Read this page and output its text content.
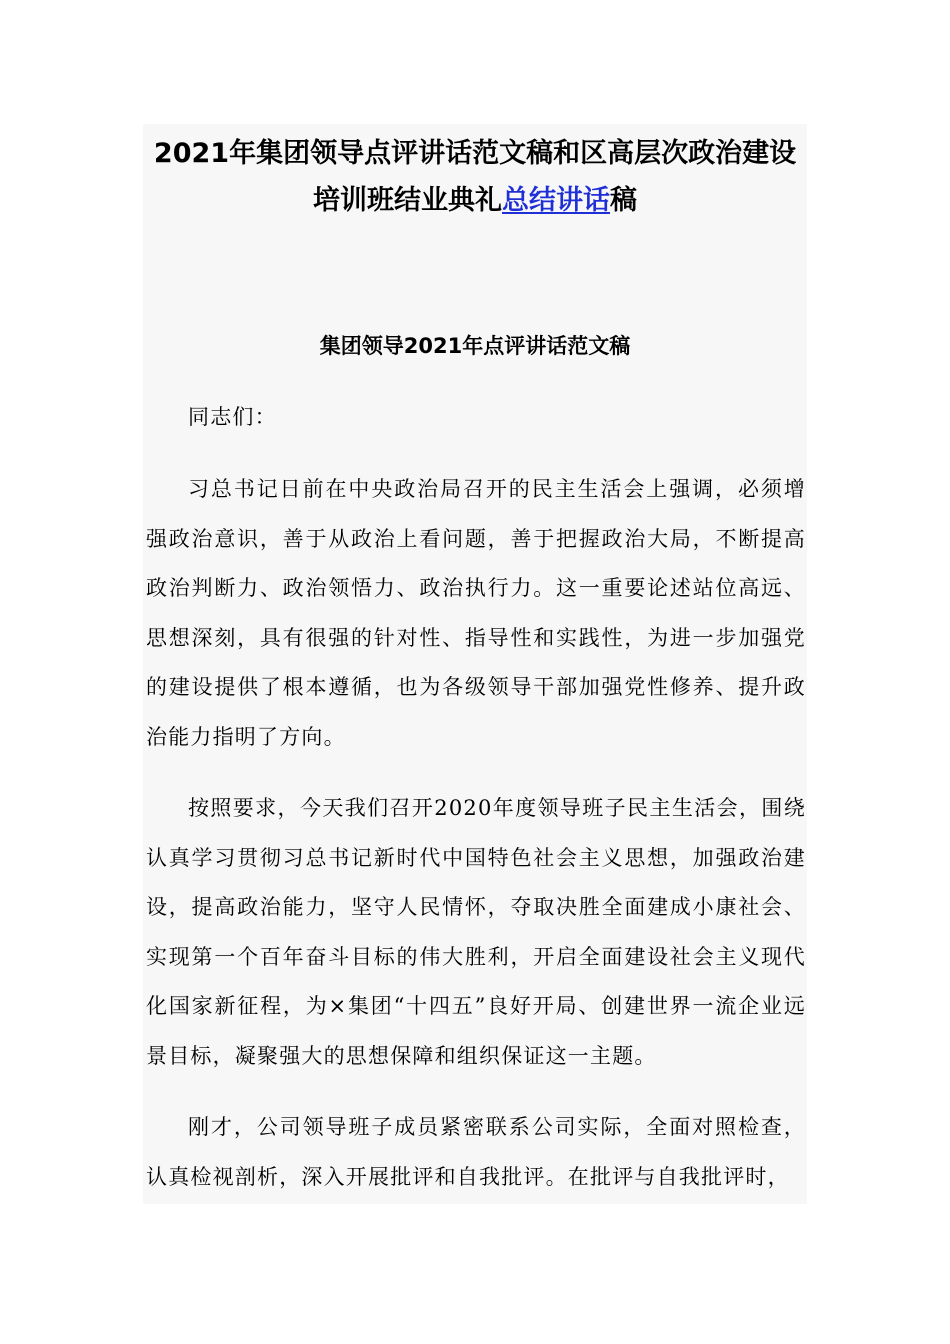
2021年集团领导点评讲话范文稿和区高层次政治建设培训班结业典礼总结讲话稿
集团领导2021年点评讲话范文稿

同志们：

习总书记日前在中央政治局召开的民主生活会上强调，必须增强政治意识，善于从政治上看问题，善于把握政治大局，不断提高政治判断力、政治领悟力、政治执行力。这一重要论述站位高远、思想深刻，具有很强的针对性、指导性和实践性，为进一步加强党的建设提供了根本遵循，也为各级领导干部加强党性修养、提升政治能力指明了方向。

按照要求，今天我们召开2020年度领导班子民主生活会，围绕认真学习贯彻习总书记新时代中国特色社会主义思想，加强政治建设，提高政治能力，坚守人民情怀，夺取决胜全面建成小康社会、实现第一个百年奋斗目标的伟大胜利，开启全面建设社会主义现代化国家新征程，为×集团“十四五”良好开局、创建世界一流企业远景目标，凝聚强大的思想保障和组织保证这一主题。

刚才，公司领导班子成员紧密联系公司实际，全面对照检查，认真检视剖析，深入开展批评和自我批评。在批评与自我批评时，
